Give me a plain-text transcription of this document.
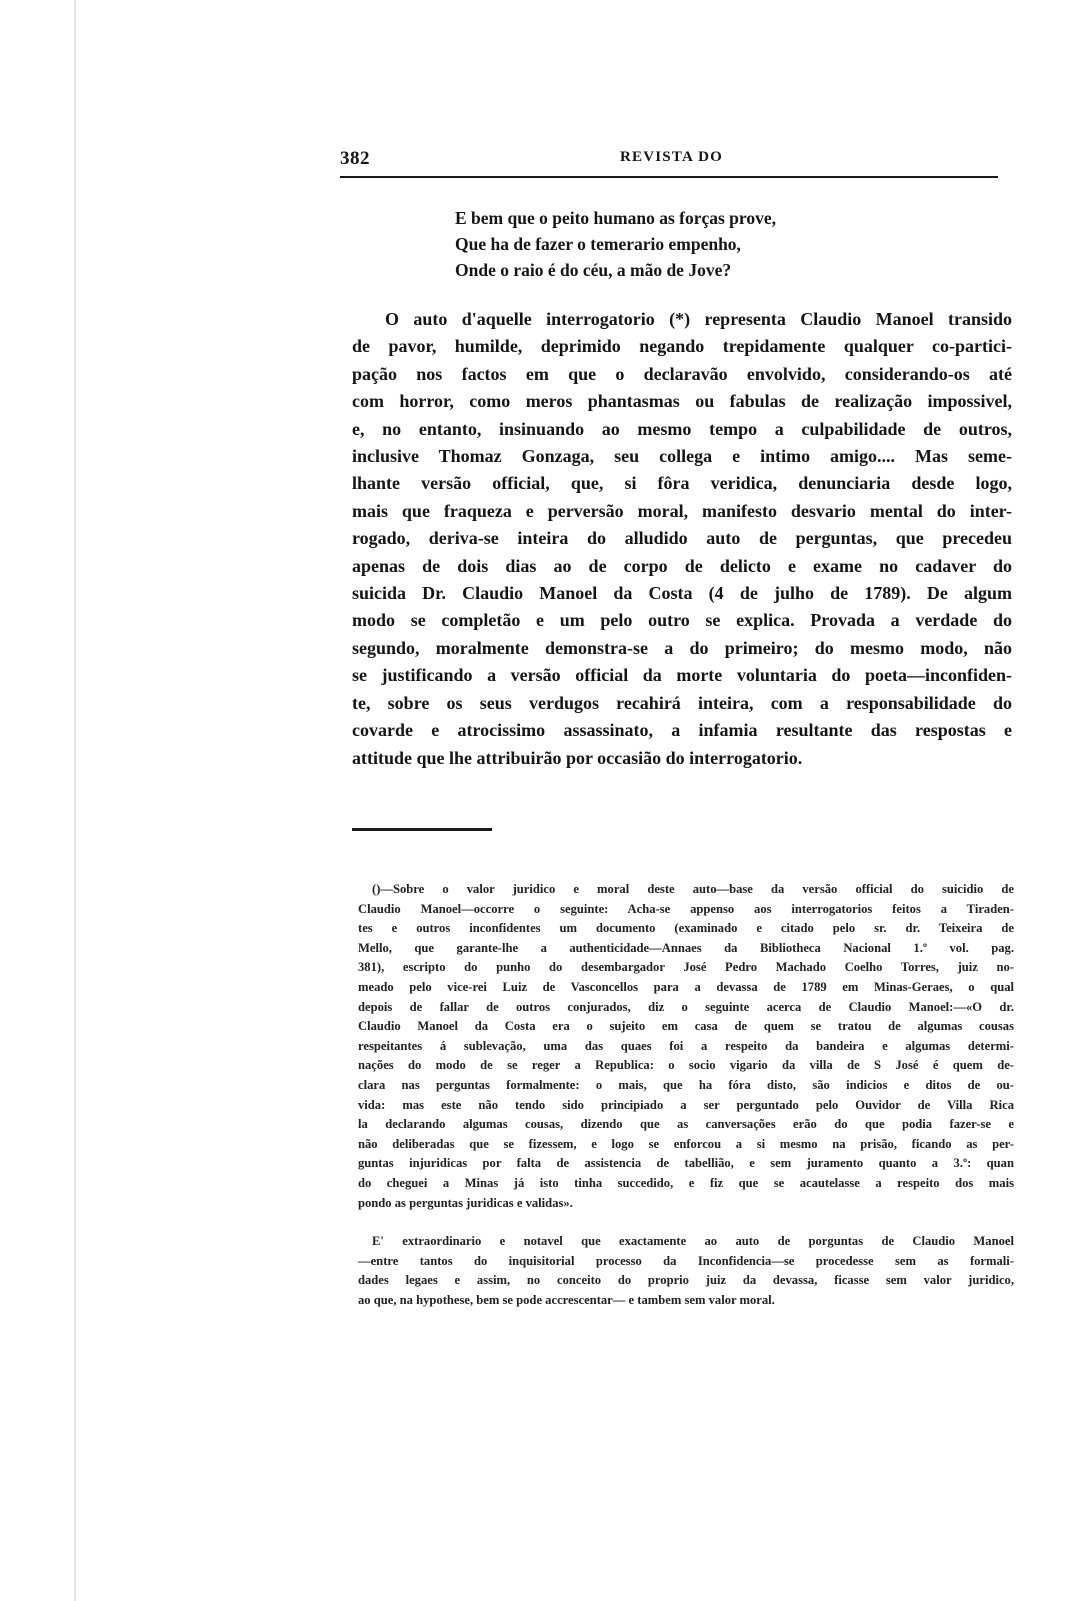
382	REVISTA DO
E bem que o peito humano as forças prove,
Que ha de fazer o temerario empenho,
Onde o raio é do céu, a mão de Jove?
O auto d'aquelle interrogatorio (*) representa Claudio Manoel transido
de pavor, humilde, deprimido negando trepidamente qualquer co-partici-
pação nos factos em que o declaravão envolvido, considerando-os até
com horror, como meros phantasmas ou fabulas de realização impossivel,
e, no entanto, insinuando ao mesmo tempo a culpabilidade de outros,
inclusive Thomaz Gonzaga, seu collega e intimo amigo.... Mas seme-
lhante versão official, que, si fôra veridica, denunciaria desde logo,
mais que fraqueza e perversão moral, manifesto desvario mental do inter-
rogado, deriva-se inteira do alludido auto de perguntas, que precedeu
apenas de dois dias ao de corpo de delicto e exame no cadaver do
suicida Dr. Claudio Manoel da Costa (4 de julho de 1789). De algum
modo se completão e um pelo outro se explica. Provada a verdade do
segundo, moralmente demonstra-se a do primeiro; do mesmo modo, não
se justificando a versão official da morte voluntaria do poeta—inconfiden-
te, sobre os seus verdugos recahirá inteira, com a responsabilidade do
covarde e atrocissimo assassinato, a infamia resultante das respostas e
attitude que lhe attribuirão por occasião do interrogatorio.
()—Sobre o valor juridico e moral deste auto—base da versão official do suicidio de
Claudio Manoel—occorre o seguinte: Acha-se appenso aos interrogatorios feitos a Tiraden-
tes e outros inconfidentes um documento (examinado e citado pelo sr. dr. Teixeira de
Mello, que garante-lhe a authenticidade—Annaes da Bibliotheca Nacional 1.º vol. pag.
381), escripto do punho do desembargador José Pedro Machado Coelho Torres, juiz no-
meado pelo vice-rei Luiz de Vasconcellos para a devassa de 1789 em Minas-Geraes, o qual
depois de fallar de outros conjurados, diz o seguinte acerca de Claudio Manoel:—«O dr.
Claudio Manoel da Costa era o sujeito em casa de quem se tratou de algumas cousas
respeitantes á sublevação, uma das quaes foi a respeito da bandeira e algumas determi-
nações do modo de se reger a Republica: o socio vigario da villa de S José é quem de-
clara nas perguntas formalmente: o mais, que ha fóra disto, são indicios e ditos de ou-
vida: mas este não tendo sido principiado a ser perguntado pelo Ouvidor de Villa Rica
la declarando algumas cousas, dizendo que as canversações erão do que podia fazer-se e
não deliberadas que se fizessem, e logo se enforcou a si mesmo na prisão, ficando as per-
guntas injuridicas por falta de assistencia de tabellião, e sem juramento quanto a 3.º: quan
do cheguei a Minas já isto tinha succedido, e fiz que se acautelasse a respeito dos mais
pondo as perguntas juridicas e validas».
E' extraordinario e notavel que exactamente ao auto de porguntas de Claudio Manoel
—entre tantos do inquisitorial processo da Inconfidencia—se procedesse sem as formali-
dades legaes e assim, no conceito do proprio juiz da devassa, ficasse sem valor juridico,
ao que, na hypothese, bem se pode accrescentar— e tambem sem valor moral.
